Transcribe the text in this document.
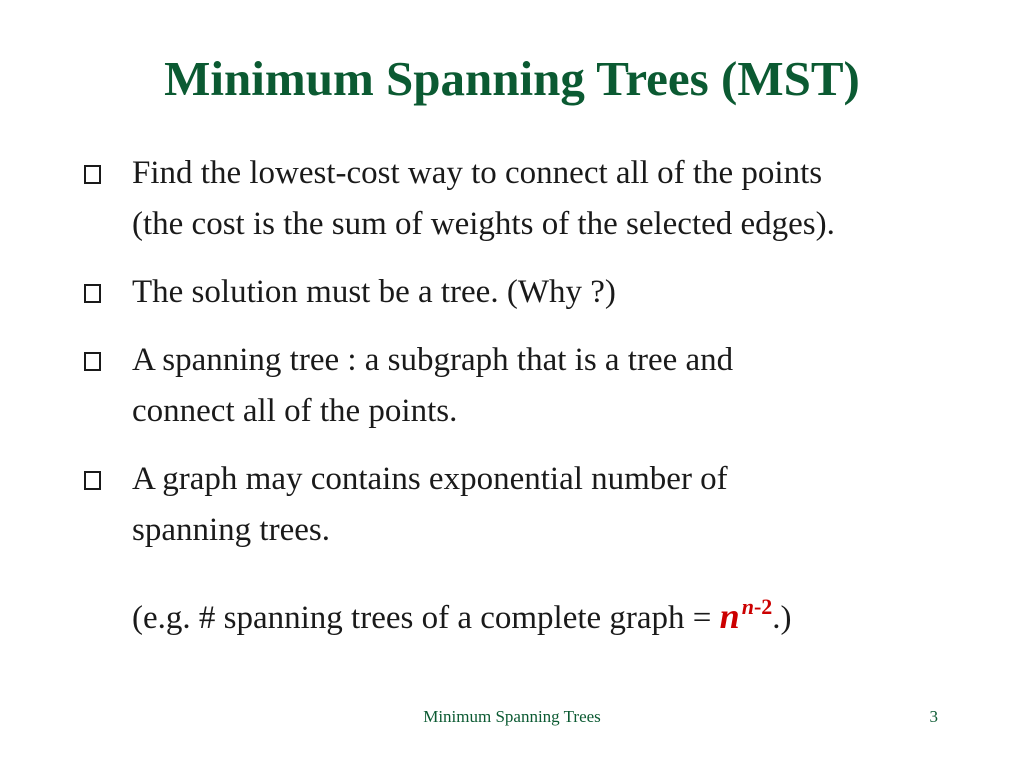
Minimum Spanning Trees (MST)
Find the lowest-cost way to connect all of the points
(the cost is the sum of weights of the selected edges).
The solution must be a tree. (Why ?)
A spanning tree : a subgraph that is a tree and
connect all of the points.
A graph may contains exponential number of
spanning trees.
(e.g. # spanning trees of a complete graph = $n^{n-2}$.)
Minimum Spanning Trees	3
